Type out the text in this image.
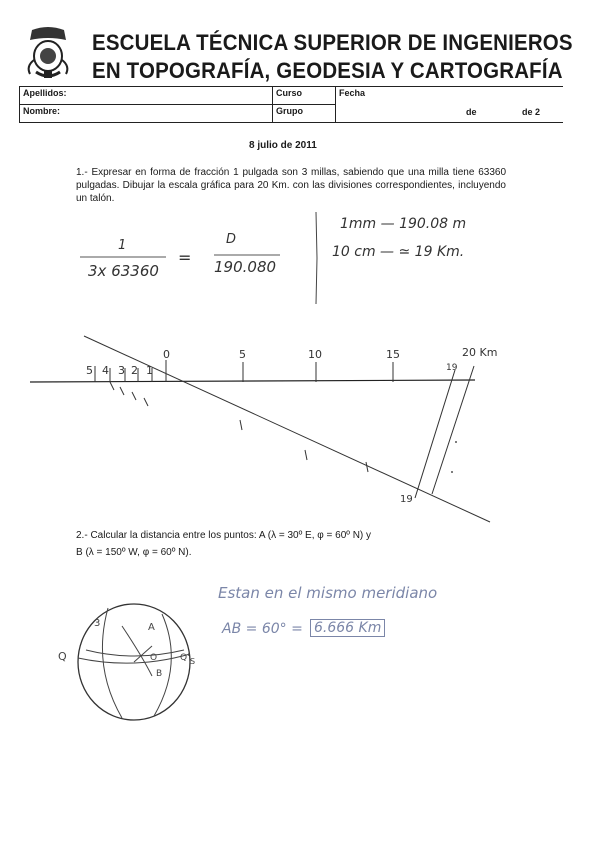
ESCUELA TÉCNICA SUPERIOR DE INGENIEROS
EN TOPOGRAFÍA, GEODESIA Y CARTOGRAFÍA
Apellidos:	Curso	Fecha
Nombre:	Grupo	de de 2
8 julio de 2011
1.- Expresar en forma de fracción 1 pulgada son 3 millas, sabiendo que una milla tiene 63360 pulgadas. Dibujar la escala gráfica para 20 Km. con las divisiones correspondientes, incluyendo un talón.
1
3x 63360
=
D
190.080
1mm — 190.08 m
10 cm — ≃ 19 Km.
5 4 3 2 1
0	5	10	15
19
20 Km
19
2.- Calcular la distancia entre los puntos: A (λ = 30º E, φ = 60º N) y
B (λ = 150º W, φ = 60º N).
Estan en el mismo meridiano
AB = 60° = 6.666 Km
Q
A
B
3
O	Q' S
